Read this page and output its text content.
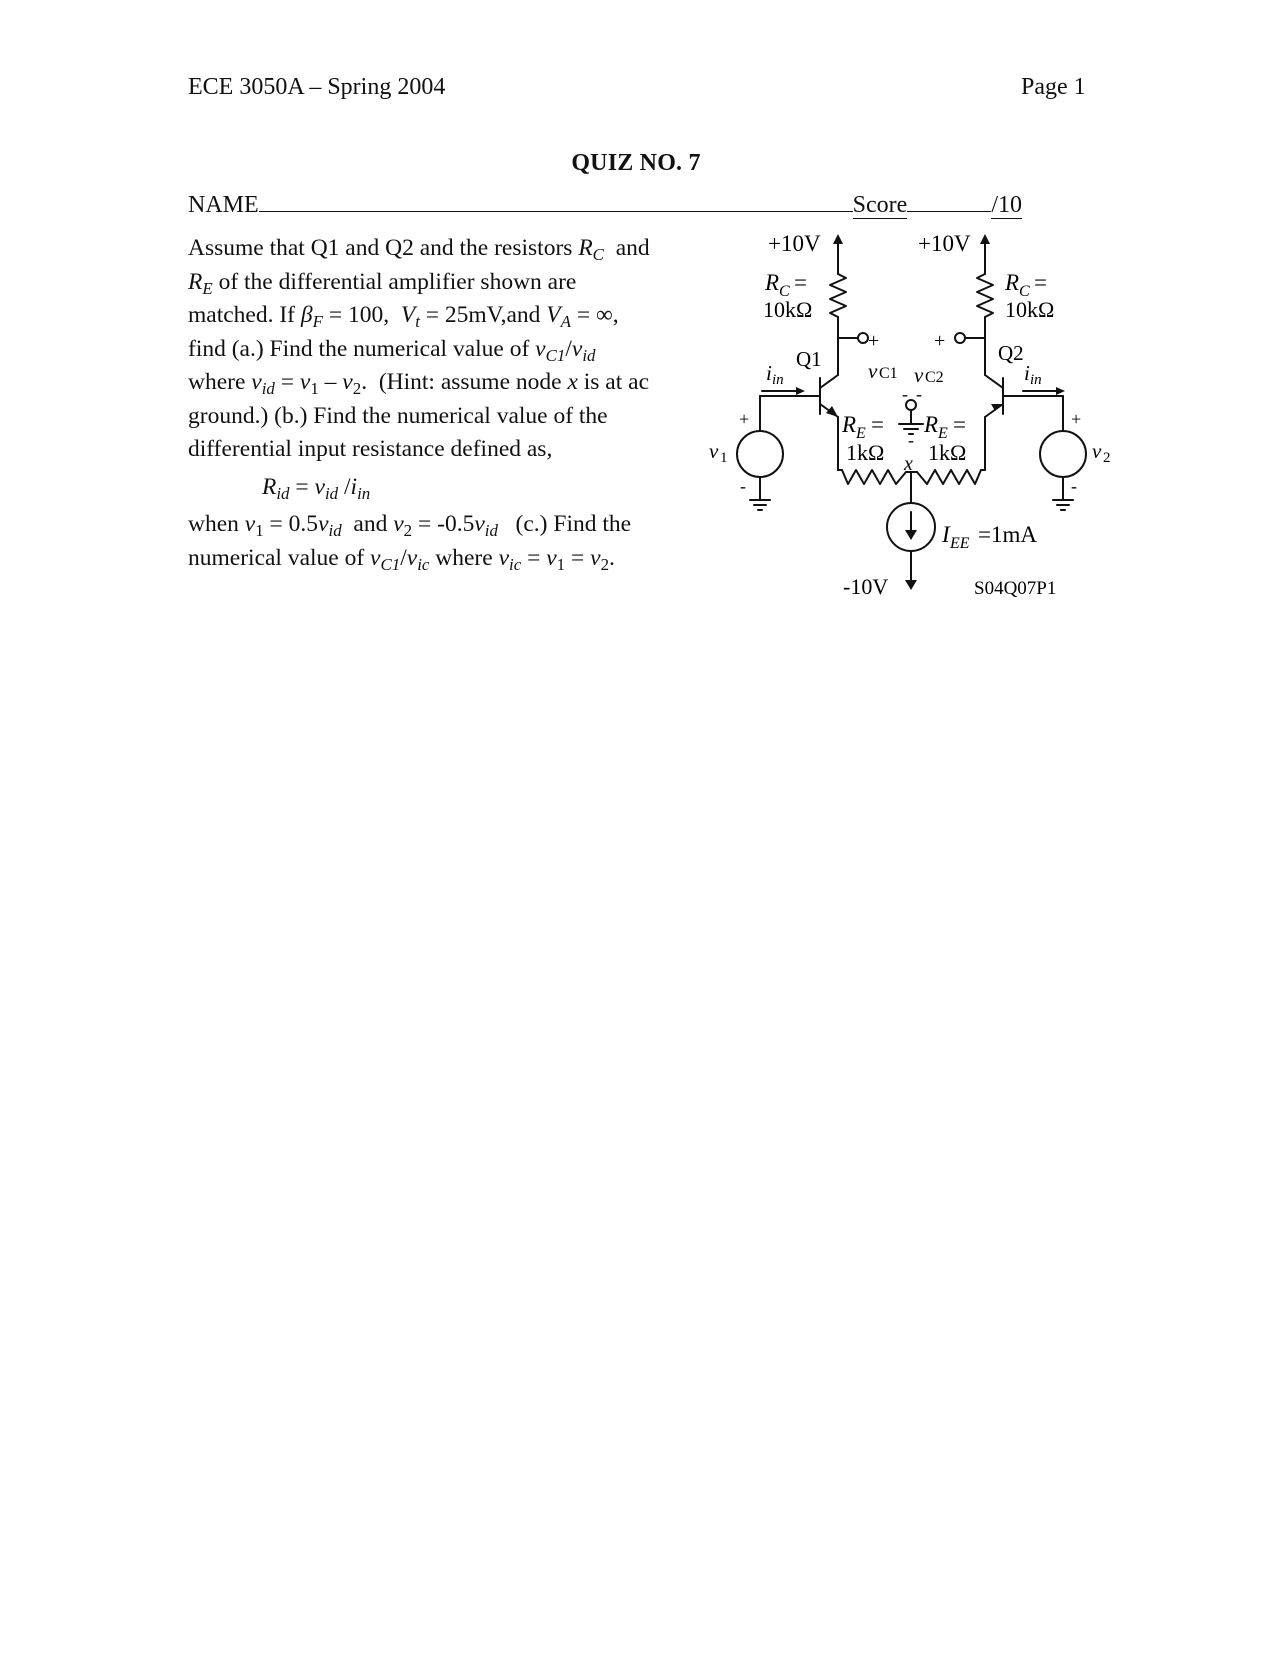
ECE 3050A – Spring 2004	Page 1
QUIZ NO. 7
NAME	Score	/10

Assume that Q1 and Q2 and the resistors $R_C$ and

$R_E$ of the differential amplifier shown are

matched. If $\beta_F = 100$, $V_t = 25mV,and$ $V_A$ = ∞,

find (a.) Find the numerical value of $v_{C1}/v_{id}$

where $v_{id} = v_1 - v_2$.  (Hint: assume node x is at ac

ground.) (b.) Find the numerical value of the

differential input resistance defined as,

$R_{id} = v_{id}$ $/i_{in}$

when $v_1 = 0.5v_{id}$ and $v_2 = -0.5v_{id}$ (c.) Find the

numerical value of $v_{C1}/v_{ic}$ where $v_{ic} = v_1 = v_2$.

+10V	+10V
R C =
10kΩ
R C =
10kΩ
+	+
Q1	Q2
v C1 v C2
- -
-
i in	i in
R E = R E =
1kΩ 1kΩ
x
+	+
-	-
v 1	v 2
I EE =1mA
-10V	S04Q07P1
